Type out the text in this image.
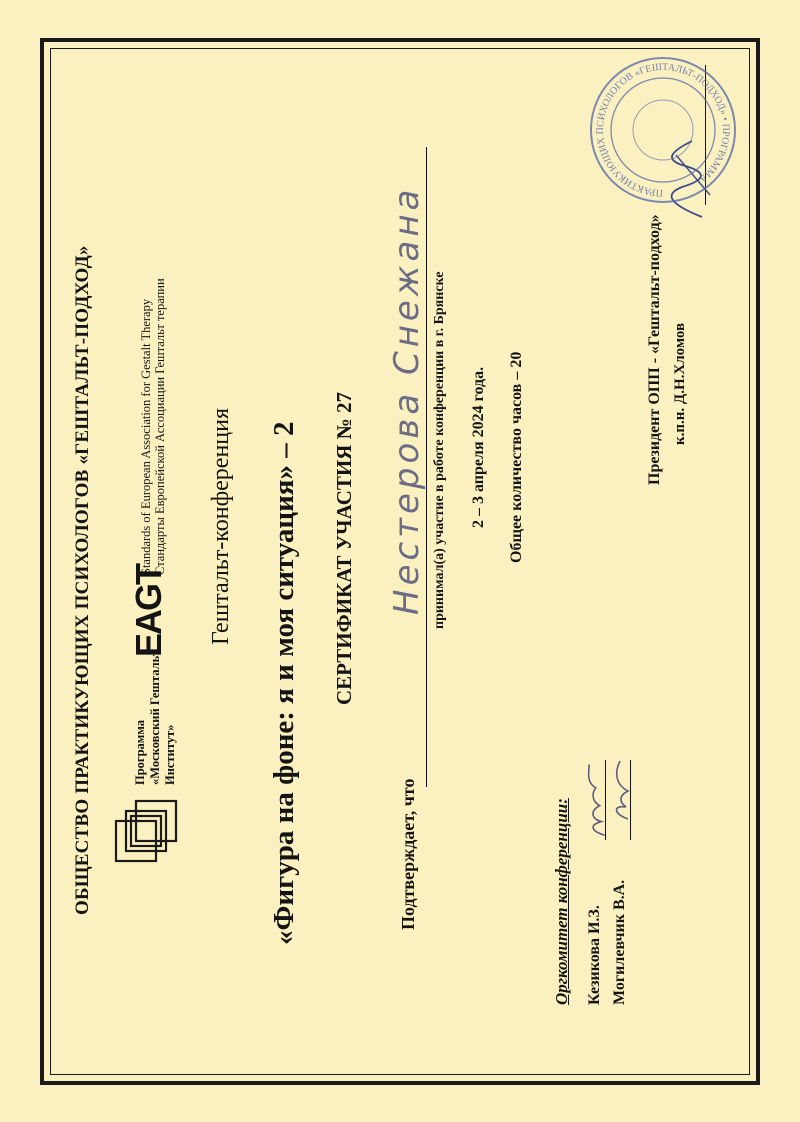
ОБЩЕСТВО ПРАКТИКУЮЩИХ ПСИХОЛОГОВ «ГЕШТАЛЬТ-ПОДХОД»	Программа «Московский Гештальт Институт»
EAGT
Standards of European Association for Gestalt Therapy Стандарты Европейской Ассоциации Гештальт терапии Гештальт-конференция «Фигура на фоне: я и моя ситуация» – 2 СЕРТИФИКАТ УЧАСТИЯ № 27
Подтверждает, что
Нестерова Снежана принимал(а) участие в работе конференции в г. Брянске 2 – 3 апреля 2024 года. Общее количество часов – 20
Оргкомитет конференции: Кезикова И.З. Могилевчик В.А.
Президент ОПП - «Гештальт-подход» к.п.н. Д.Н.Хломов
ПРАКТИКУЮЩИХ ПСИХОЛОГОВ «ГЕШТАЛЬТ-ПОДХОД» • ПРОГРАММА
